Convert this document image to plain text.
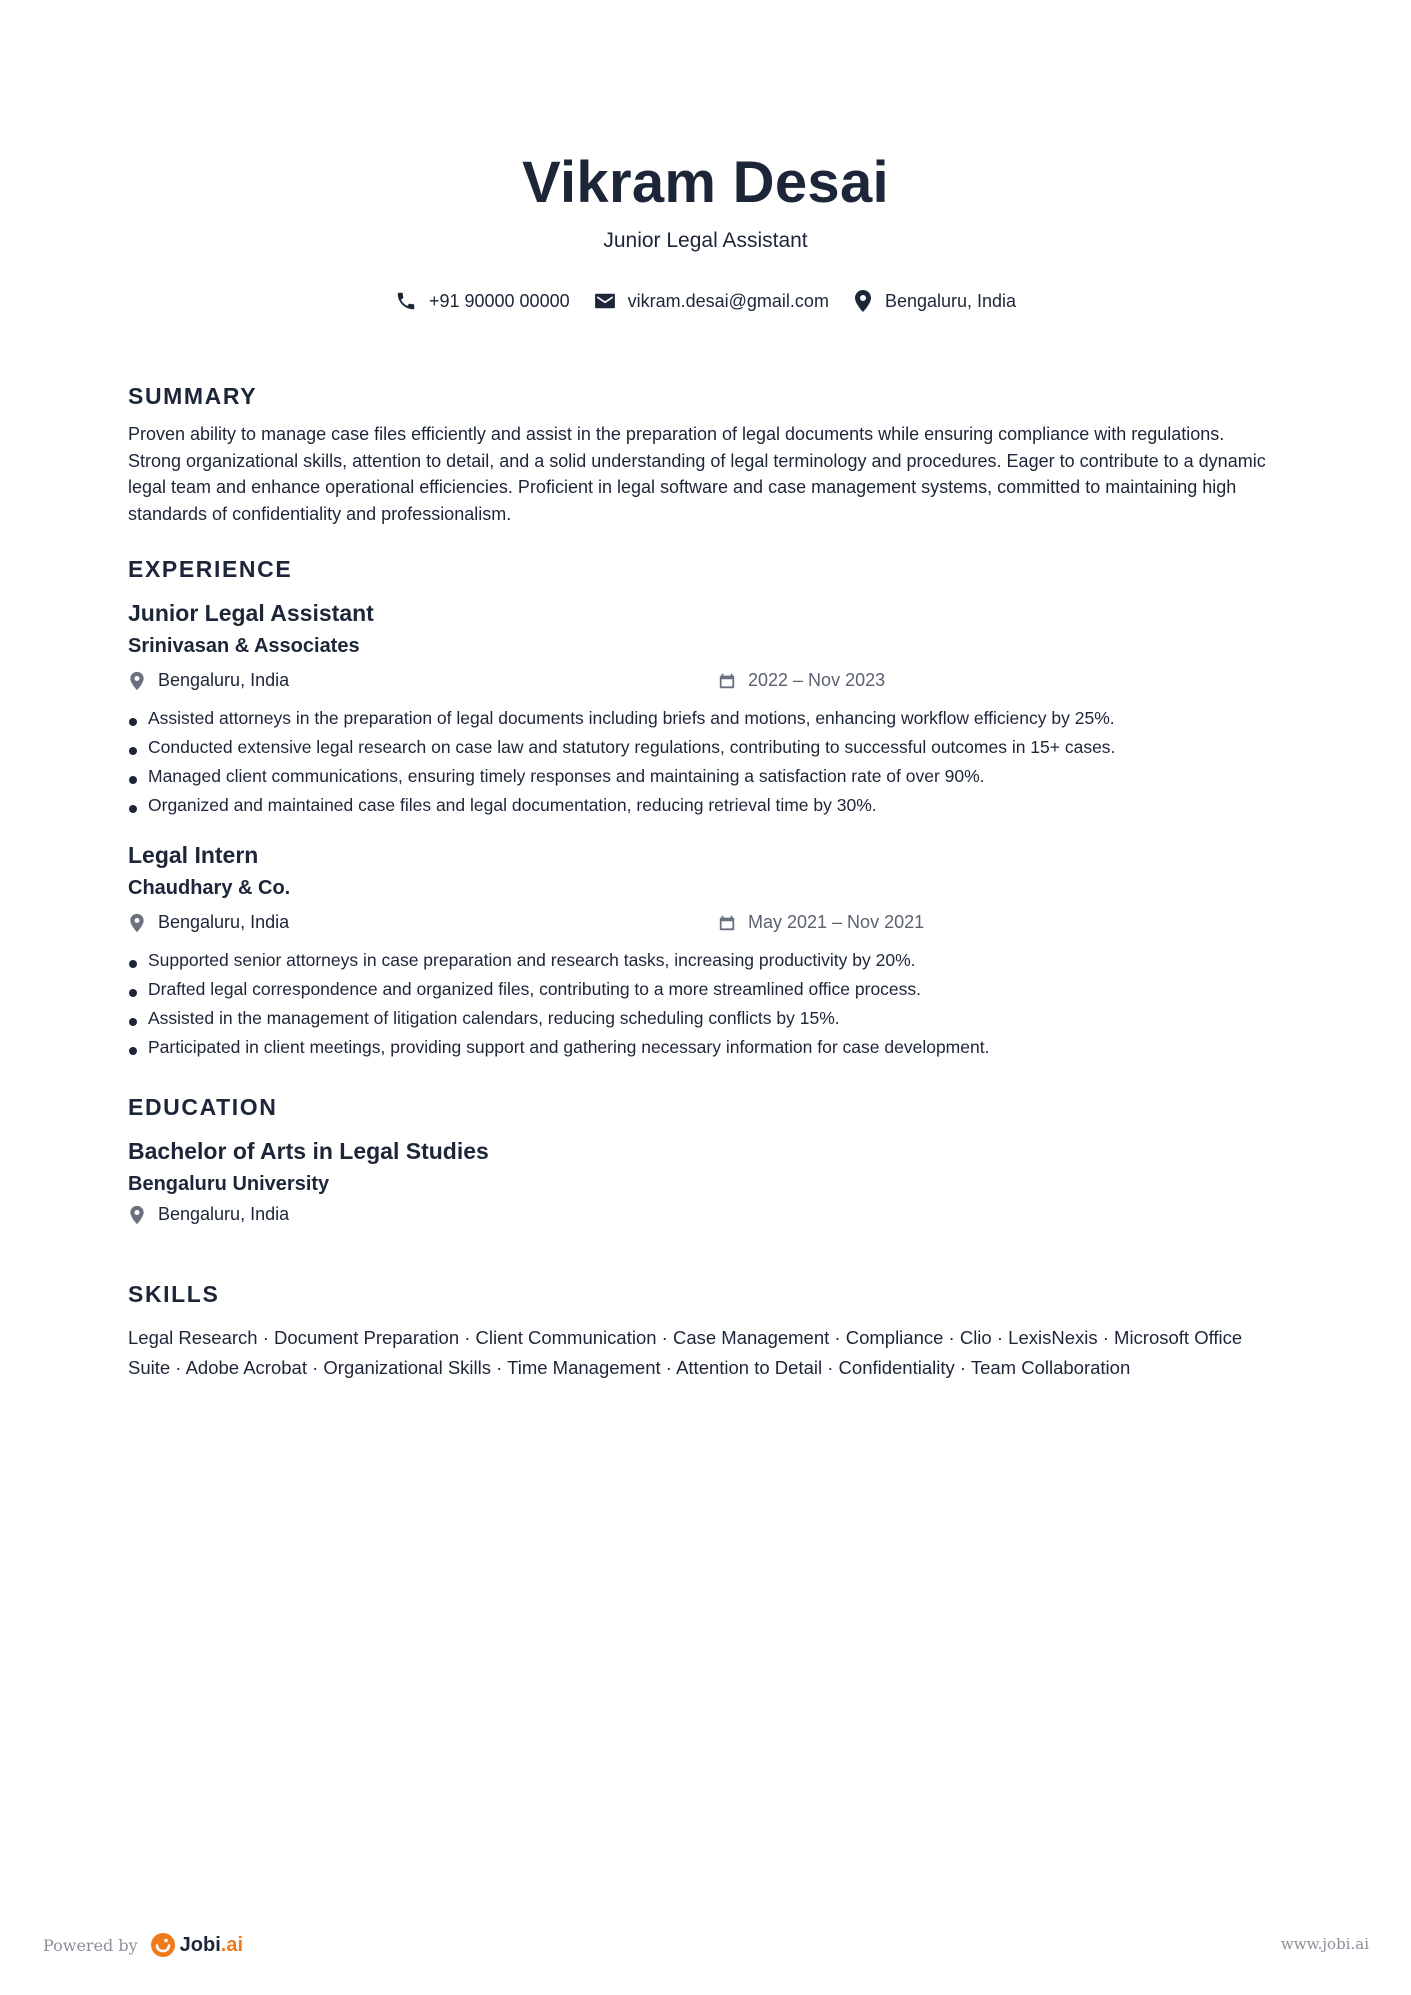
Vikram Desai
Junior Legal Assistant
+91 90000 00000	vikram.desai@gmail.com	Bengaluru, India
SUMMARY
Proven ability to manage case files efficiently and assist in the preparation of legal documents while ensuring compliance with regulations. Strong organizational skills, attention to detail, and a solid understanding of legal terminology and procedures. Eager to contribute to a dynamic legal team and enhance operational efficiencies. Proficient in legal software and case management systems, committed to maintaining high standards of confidentiality and professionalism.
EXPERIENCE
Junior Legal Assistant
Srinivasan & Associates
Bengaluru, India	2022 – Nov 2023
Assisted attorneys in the preparation of legal documents including briefs and motions, enhancing workflow efficiency by 25%.
Conducted extensive legal research on case law and statutory regulations, contributing to successful outcomes in 15+ cases.
Managed client communications, ensuring timely responses and maintaining a satisfaction rate of over 90%.
Organized and maintained case files and legal documentation, reducing retrieval time by 30%.
Legal Intern
Chaudhary & Co.
Bengaluru, India	May 2021 – Nov 2021
Supported senior attorneys in case preparation and research tasks, increasing productivity by 20%.
Drafted legal correspondence and organized files, contributing to a more streamlined office process.
Assisted in the management of litigation calendars, reducing scheduling conflicts by 15%.
Participated in client meetings, providing support and gathering necessary information for case development.
EDUCATION
Bachelor of Arts in Legal Studies
Bengaluru University
Bengaluru, India
SKILLS
Legal Research · Document Preparation · Client Communication · Case Management · Compliance · Clio · LexisNexis · Microsoft Office Suite · Adobe Acrobat · Organizational Skills · Time Management · Attention to Detail · Confidentiality · Team Collaboration
Powered by Jobi.ai	www.jobi.ai
